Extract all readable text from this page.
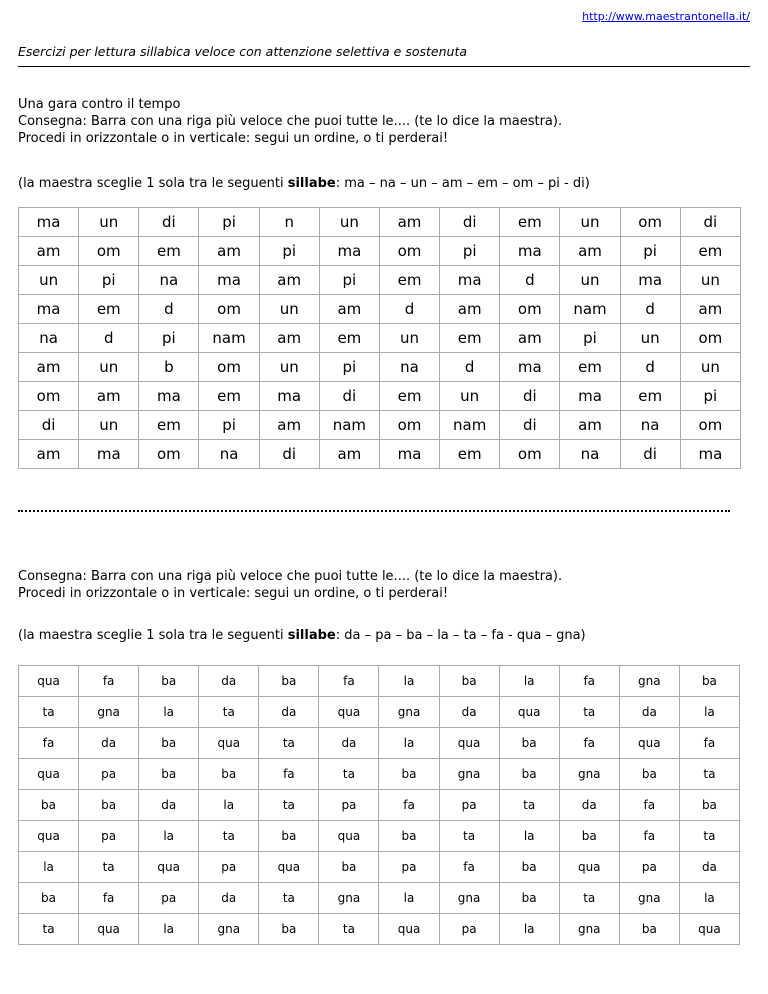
http://www.maestrantonella.it/
Esercizi per lettura sillabica veloce con attenzione selettiva e sostenuta

Una gara contro il tempo

Consegna: Barra con una riga più veloce che puoi tutte le.... (te lo dice la maestra).

Procedi in orizzontale o in verticale: segui un ordine, o ti perderai!

(la maestra sceglie 1 sola tra le seguenti sillabe: ma – na – un – am – em – om – pi - di)
ma	un	di	pi	n	un	am	di	em	un	om	di
am	om	em	am	pi	ma	om	pi	ma	am	pi	em
un	pi	na	ma	am	pi	em	ma	d	un	ma	un
ma	em	d	om	un	am	d	am	om	nam	d	am
na	d	pi	nam	am	em	un	em	am	pi	un	om
am	un	b	om	un	pi	na	d	ma	em	d	un
om	am	ma	em	ma	di	em	un	di	ma	em	pi
di	un	em	pi	am	nam	om	nam	di	am	na	om
am	ma	om	na	di	am	ma	em	om	na	di	ma

Consegna: Barra con una riga più veloce che puoi tutte le.... (te lo dice la maestra).

Procedi in orizzontale o in verticale: segui un ordine, o ti perderai!

(la maestra sceglie 1 sola tra le seguenti sillabe: da – pa – ba – la – ta – fa - qua – gna)
qua	fa	ba	da	ba	fa	la	ba	la	fa	gna	ba
ta	gna	la	ta	da	qua	gna	da	qua	ta	da	la
fa	da	ba	qua	ta	da	la	qua	ba	fa	qua	fa
qua	pa	ba	ba	fa	ta	ba	gna	ba	gna	ba	ta
ba	ba	da	la	ta	pa	fa	pa	ta	da	fa	ba
qua	pa	la	ta	ba	qua	ba	ta	la	ba	fa	ta
la	ta	qua	pa	qua	ba	pa	fa	ba	qua	pa	da
ba	fa	pa	da	ta	gna	la	gna	ba	ta	gna	la
ta	qua	la	gna	ba	ta	qua	pa	la	gna	ba	qua
